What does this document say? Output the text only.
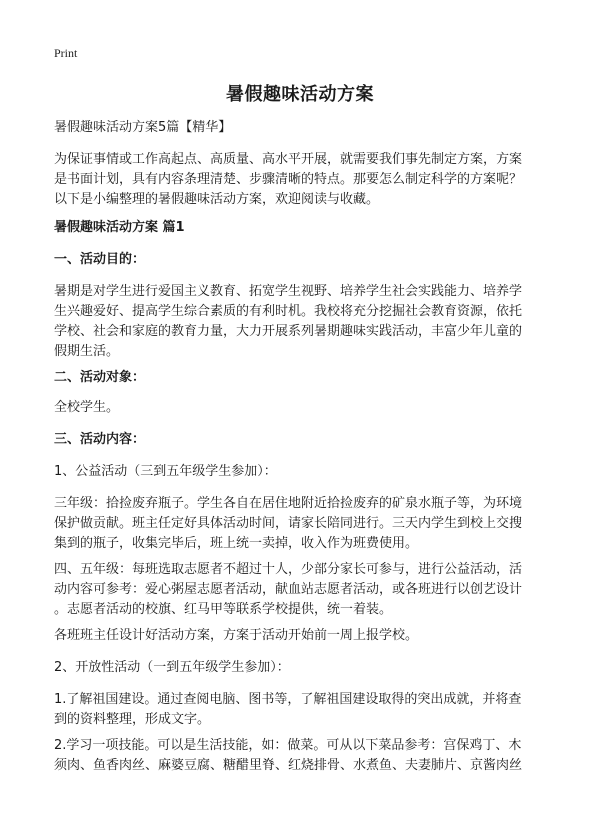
Print
暑假趣味活动方案
暑假趣味活动方案5篇【精华】
为保证事情或工作高起点、高质量、高水平开展，就需要我们事先制定方案，方案
是书面计划，具有内容条理清楚、步骤清晰的特点。那要怎么制定科学的方案呢？
以下是小编整理的暑假趣味活动方案，欢迎阅读与收藏。
暑假趣味活动方案 篇1
一、活动目的：
暑期是对学生进行爱国主义教育、拓宽学生视野、培养学生社会实践能力、培养学
生兴趣爱好、提高学生综合素质的有利时机。我校将充分挖掘社会教育资源，依托
学校、社会和家庭的教育力量，大力开展系列暑期趣味实践活动，丰富少年儿童的
假期生活。
二、活动对象：
全校学生。
三、活动内容：
1、公益活动（三到五年级学生参加）：
三年级：拾捡废弃瓶子。学生各自在居住地附近拾捡废弃的矿泉水瓶子等，为环境
保护做贡献。班主任定好具体活动时间，请家长陪同进行。三天内学生到校上交搜
集到的瓶子，收集完毕后，班上统一卖掉，收入作为班费使用。
四、五年级：每班选取志愿者不超过十人，少部分家长可参与，进行公益活动，活
动内容可参考：爱心粥屋志愿者活动，献血站志愿者活动，或各班进行以创艺设计
。志愿者活动的校旗、红马甲等联系学校提供，统一着装。
各班班主任设计好活动方案，方案于活动开始前一周上报学校。
2、开放性活动（一到五年级学生参加）：
1.了解祖国建设。通过查阅电脑、图书等，了解祖国建设取得的突出成就，并将查
到的资料整理，形成文字。
2.学习一项技能。可以是生活技能，如：做菜。可从以下菜品参考：宫保鸡丁、木
须肉、鱼香肉丝、麻婆豆腐、糖醋里脊、红烧排骨、水煮鱼、夫妻肺片、京酱肉丝
